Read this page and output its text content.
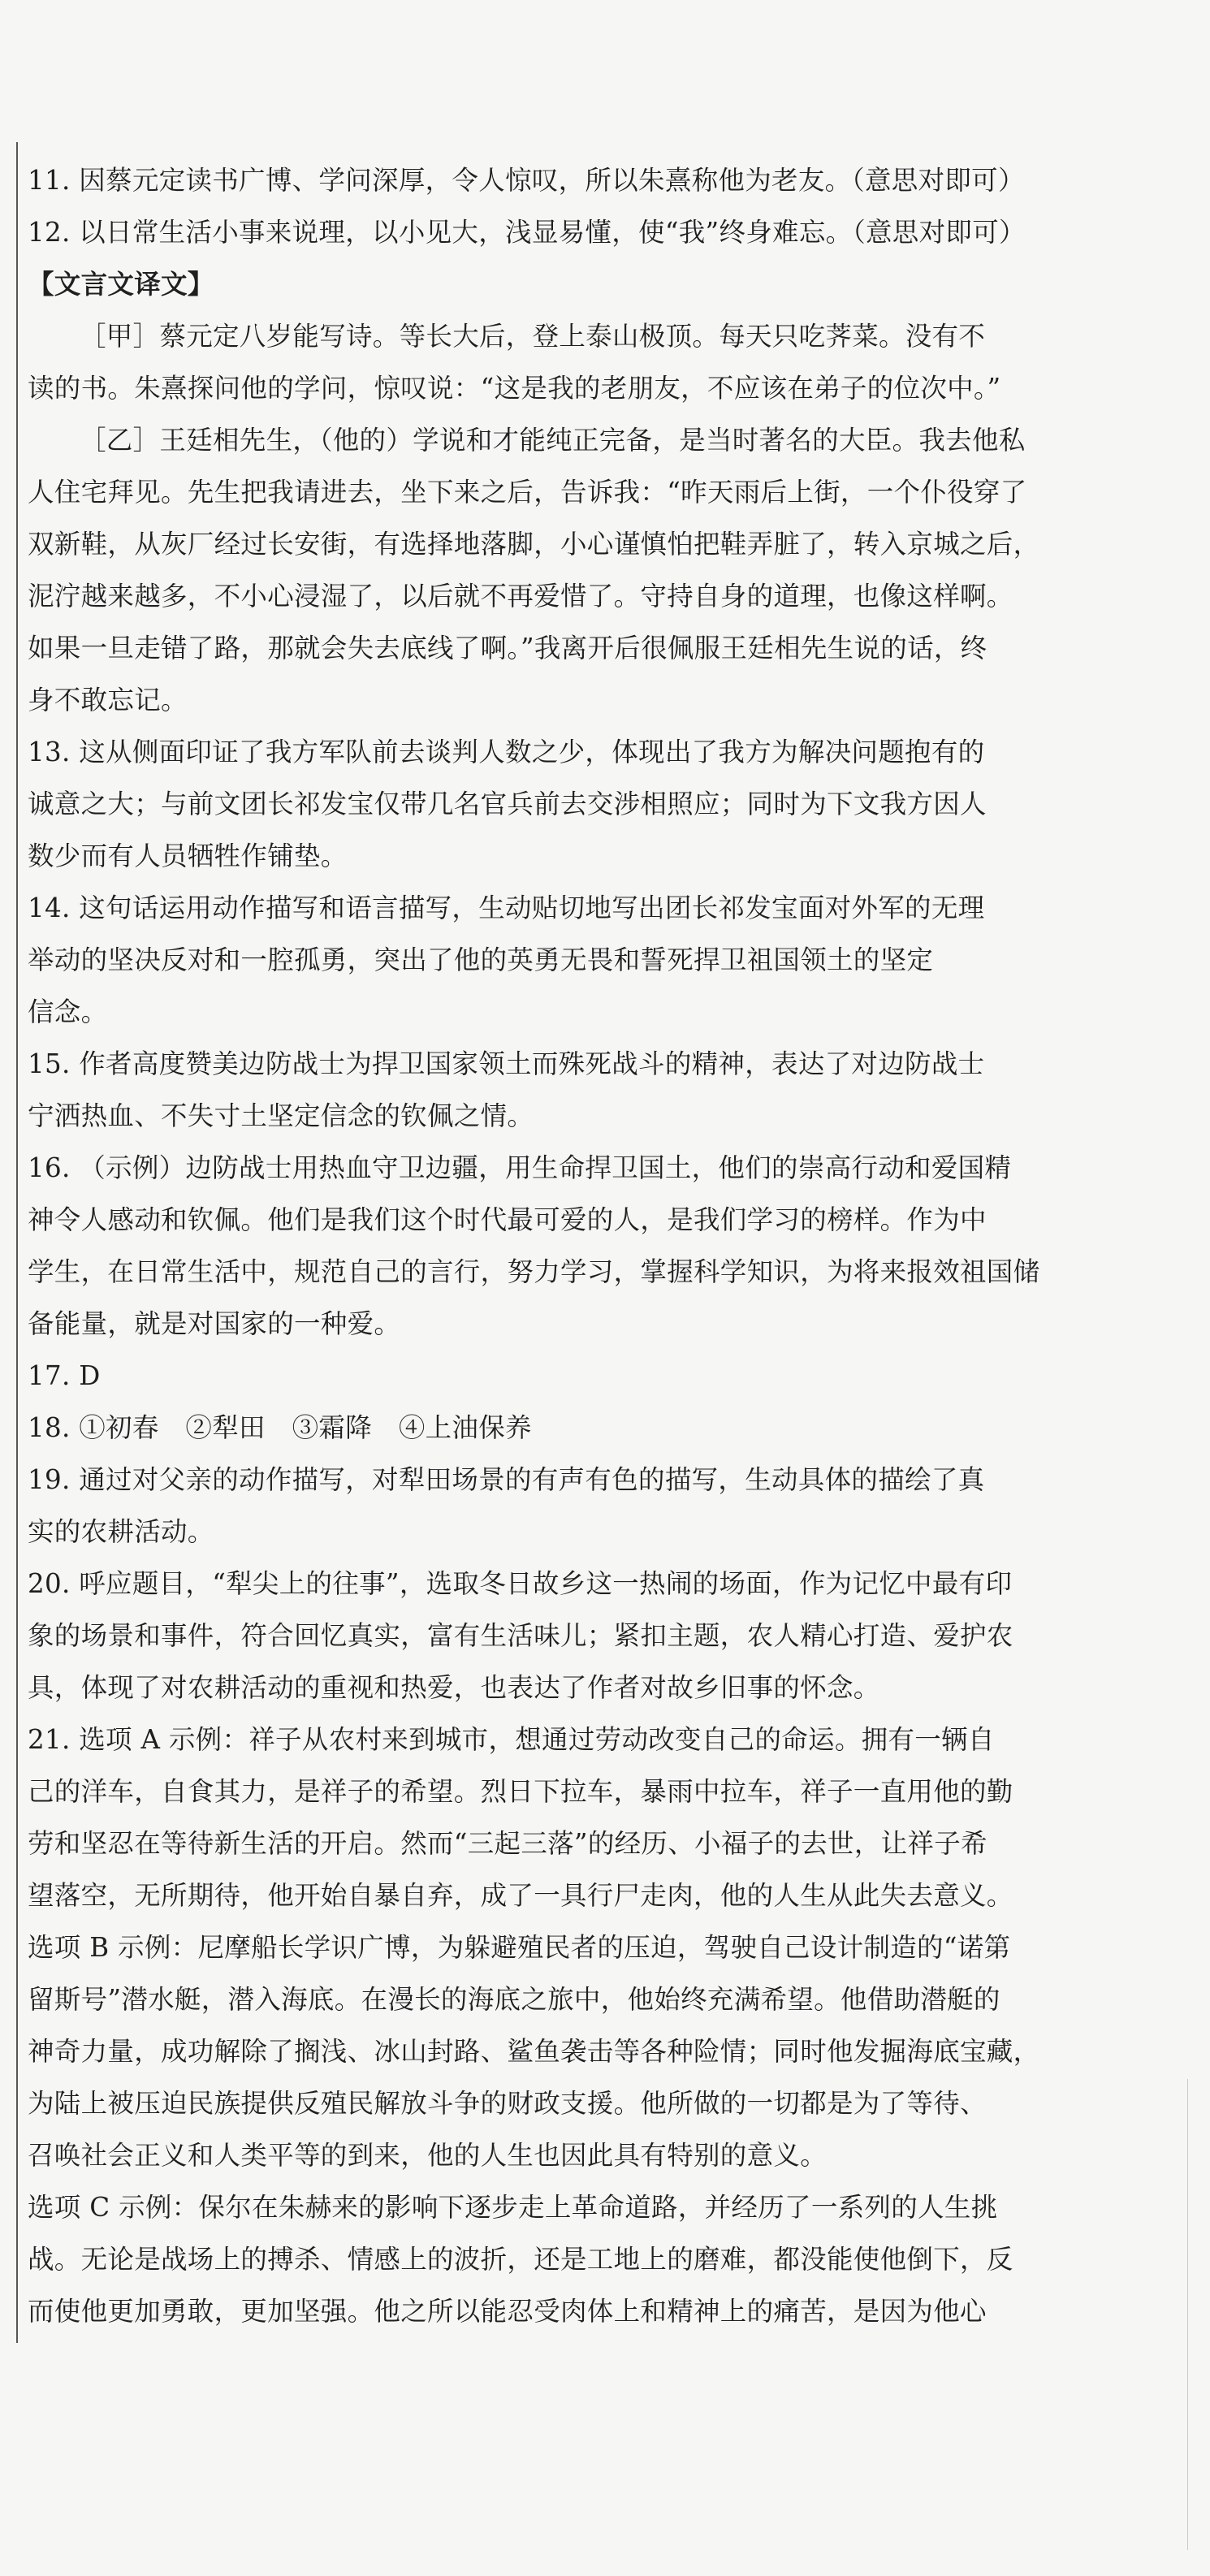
11. 因蔡元定读书广博、学问深厚，令人惊叹，所以朱熹称他为老友。（意思对即可）
12. 以日常生活小事来说理，以小见大，浅显易懂，使“我”终身难忘。（意思对即可）
【文言文译文】
［甲］蔡元定八岁能写诗。等长大后，登上泰山极顶。每天只吃荠菜。没有不
读的书。朱熹探问他的学问，惊叹说：“这是我的老朋友，不应该在弟子的位次中。”
［乙］王廷相先生，（他的）学说和才能纯正完备，是当时著名的大臣。我去他私
人住宅拜见。先生把我请进去，坐下来之后，告诉我：“昨天雨后上街，一个仆役穿了
双新鞋，从灰厂经过长安街，有选择地落脚，小心谨慎怕把鞋弄脏了，转入京城之后，
泥泞越来越多，不小心浸湿了，以后就不再爱惜了。守持自身的道理，也像这样啊。
如果一旦走错了路，那就会失去底线了啊。”我离开后很佩服王廷相先生说的话，终
身不敢忘记。
13. 这从侧面印证了我方军队前去谈判人数之少，体现出了我方为解决问题抱有的
诚意之大；与前文团长祁发宝仅带几名官兵前去交涉相照应；同时为下文我方因人
数少而有人员牺牲作铺垫。
14. 这句话运用动作描写和语言描写，生动贴切地写出团长祁发宝面对外军的无理
举动的坚决反对和一腔孤勇，突出了他的英勇无畏和誓死捍卫祖国领土的坚定
信念。
15. 作者高度赞美边防战士为捍卫国家领土而殊死战斗的精神，表达了对边防战士
宁洒热血、不失寸土坚定信念的钦佩之情。
16. （示例）边防战士用热血守卫边疆，用生命捍卫国土，他们的崇高行动和爱国精
神令人感动和钦佩。他们是我们这个时代最可爱的人，是我们学习的榜样。作为中
学生，在日常生活中，规范自己的言行，努力学习，掌握科学知识，为将来报效祖国储
备能量，就是对国家的一种爱。
17. D
18. ①初春　②犁田　③霜降　④上油保养
19. 通过对父亲的动作描写，对犁田场景的有声有色的描写，生动具体的描绘了真
实的农耕活动。
20. 呼应题目，“犁尖上的往事”，选取冬日故乡这一热闹的场面，作为记忆中最有印
象的场景和事件，符合回忆真实，富有生活味儿；紧扣主题，农人精心打造、爱护农
具，体现了对农耕活动的重视和热爱，也表达了作者对故乡旧事的怀念。
21. 选项 A 示例：祥子从农村来到城市，想通过劳动改变自己的命运。拥有一辆自
己的洋车，自食其力，是祥子的希望。烈日下拉车，暴雨中拉车，祥子一直用他的勤
劳和坚忍在等待新生活的开启。然而“三起三落”的经历、小福子的去世，让祥子希
望落空，无所期待，他开始自暴自弃，成了一具行尸走肉，他的人生从此失去意义。
选项 B 示例：尼摩船长学识广博，为躲避殖民者的压迫，驾驶自己设计制造的“诺第
留斯号”潜水艇，潜入海底。在漫长的海底之旅中，他始终充满希望。他借助潜艇的
神奇力量，成功解除了搁浅、冰山封路、鲨鱼袭击等各种险情；同时他发掘海底宝藏，
为陆上被压迫民族提供反殖民解放斗争的财政支援。他所做的一切都是为了等待、
召唤社会正义和人类平等的到来，他的人生也因此具有特别的意义。
选项 C 示例：保尔在朱赫来的影响下逐步走上革命道路，并经历了一系列的人生挑
战。无论是战场上的搏杀、情感上的波折，还是工地上的磨难，都没能使他倒下，反
而使他更加勇敢，更加坚强。他之所以能忍受肉体上和精神上的痛苦，是因为他心
